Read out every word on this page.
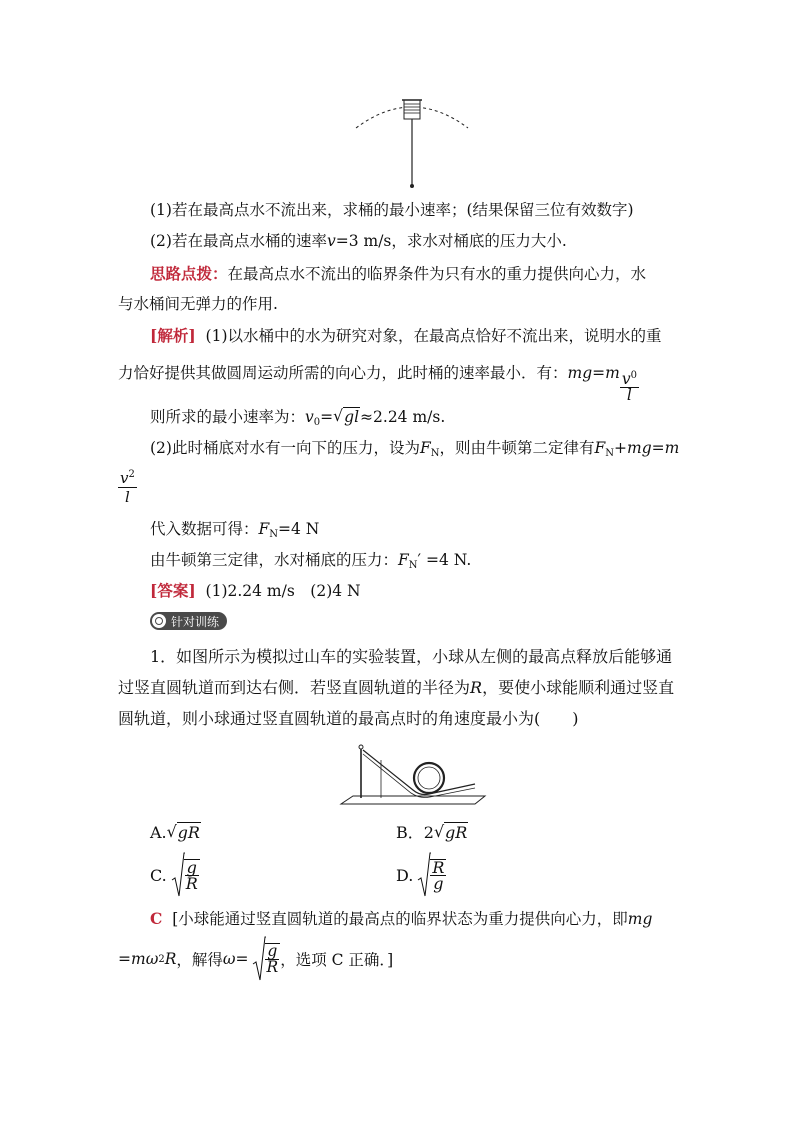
(1)若在最高点水不流出来，求桶的最小速率；(结果保留三位有效数字)
(2)若在最高点水桶的速率v=3 m/s，求水对桶底的压力大小.
思路点拨：在最高点水不流出的临界条件为只有水的重力提供向心力，水
与水桶间无弹力的作用.
[解析] (1)以水桶中的水为研究对象，在最高点恰好不流出来，说明水的重
力恰好提供其做圆周运动所需的向心力，此时桶的速率最小．有：$mg=m \frac{v^0}{l}$
则所求的最小速率为：$v_0=√$ gl≈2.24 m/s.
(2)此时桶底对水有一向下的压力，设为$F_N$，则由牛顿第二定律有$F_N+mg=m$
$\frac{v^2}{l}$
代入数据可得：$F_N=4$ N
由牛顿第三定律，水对桶底的压力：$F_N' =4$ N.
[答案] (1)2.24 m/s　(2)4 N
针对训练
1．如图所示为模拟过山车的实验装置，小球从左侧的最高点释放后能够通
过竖直圆轨道而到达右侧．若竖直圆轨道的半径为R，要使小球能顺利通过竖直
圆轨道，则小球通过竖直圆轨道的最高点时的角速度最小为(　　)
A.√ gR	B．2√ gR
C. $\frac{g}{R}$	D. $\frac{R}{g}$
C [小球能通过竖直圆轨道的最高点的临界状态为重力提供向心力，即mg
= m ω 2 R ，解得 $\omega = \frac{g}{R}$ ，选项 C 正确．]
